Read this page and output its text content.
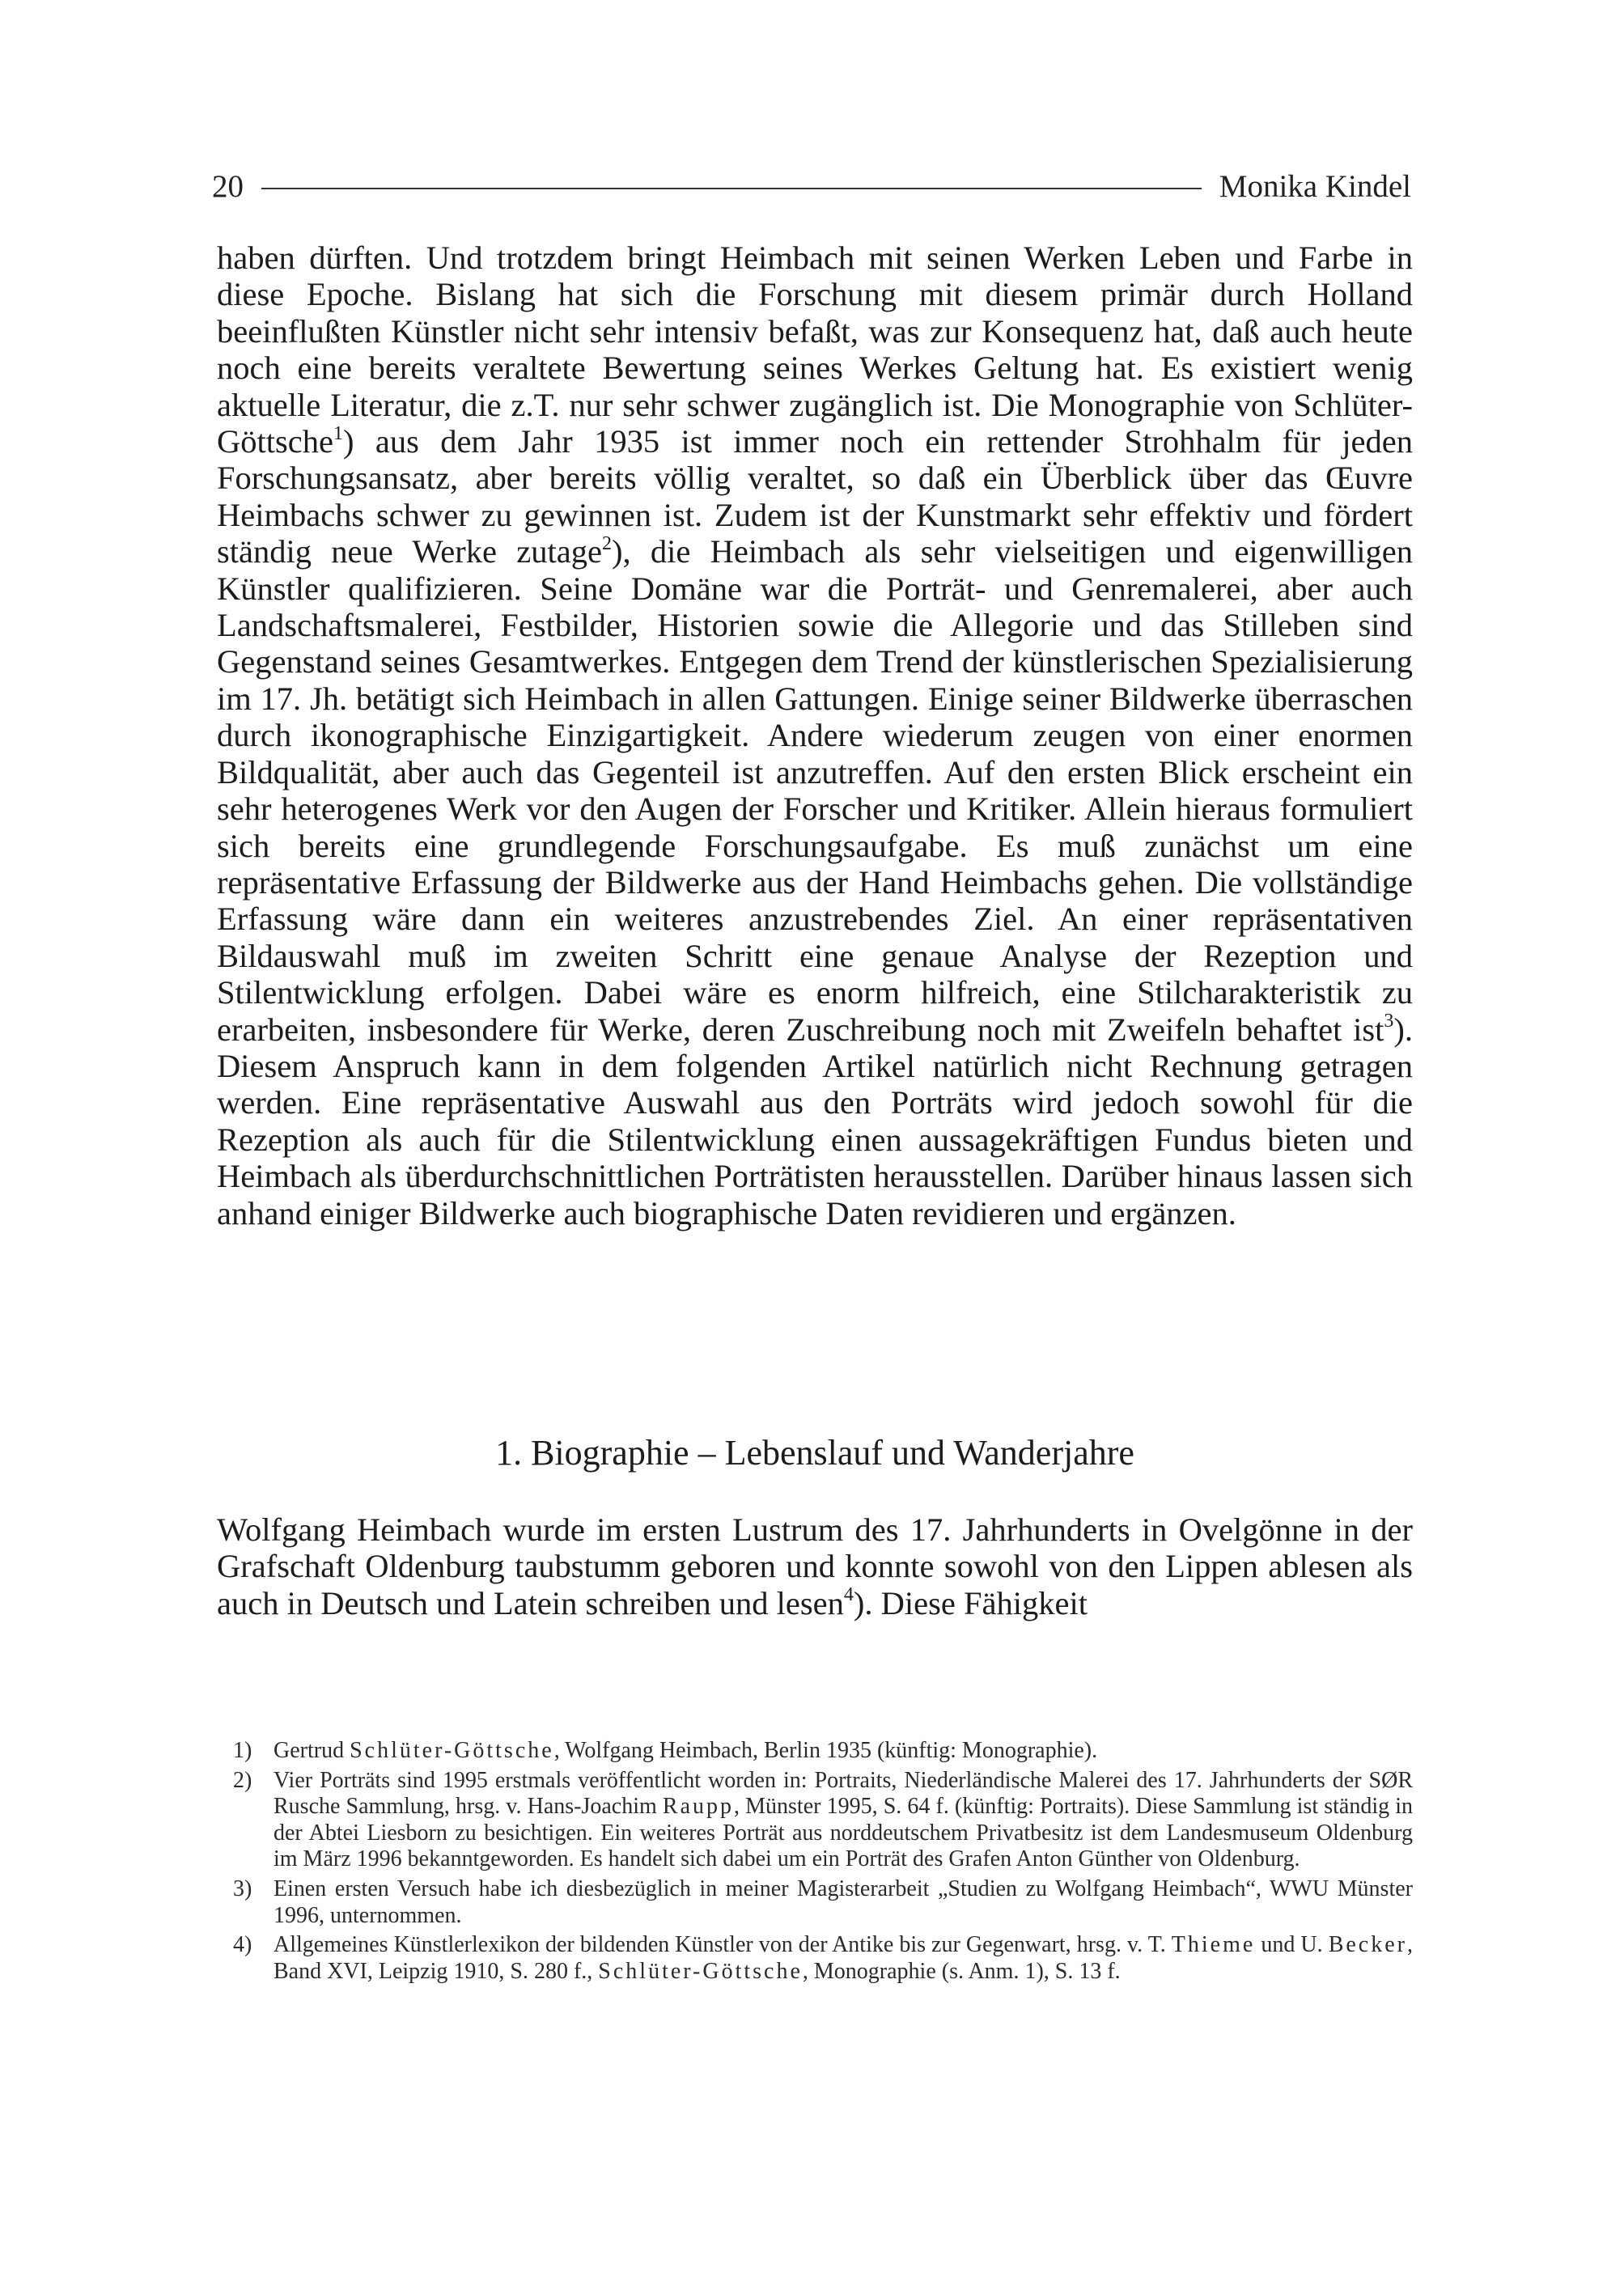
20	Monika Kindel

haben dürften. Und trotzdem bringt Heimbach mit seinen Werken Leben und Farbe in diese Epoche. Bislang hat sich die Forschung mit diesem primär durch Holland beeinflußten Künstler nicht sehr intensiv befaßt, was zur Konsequenz hat, daß auch heute noch eine bereits veraltete Bewertung seines Werkes Geltung hat. Es existiert wenig aktuelle Literatur, die z.T. nur sehr schwer zugänglich ist. Die Monographie von Schlüter-Göttsche$^1$) aus dem Jahr 1935 ist immer noch ein rettender Strohhalm für jeden Forschungsansatz, aber bereits völlig veraltet, so daß ein Überblick über das Œuvre Heimbachs schwer zu gewinnen ist. Zudem ist der Kunstmarkt sehr effektiv und fördert ständig neue Werke zutage$^2$), die Heimbach als sehr vielseitigen und eigenwilligen Künstler qualifizieren. Seine Domäne war die Porträt- und Genremalerei, aber auch Landschaftsmalerei, Festbilder, Historien sowie die Allegorie und das Stilleben sind Gegenstand seines Gesamtwerkes. Entgegen dem Trend der künstlerischen Spezialisierung im 17. Jh. betätigt sich Heimbach in allen Gattungen. Einige seiner Bildwerke überraschen durch ikonographische Einzigartigkeit. Andere wiederum zeugen von einer enormen Bildqualität, aber auch das Gegenteil ist anzutreffen. Auf den ersten Blick erscheint ein sehr heterogenes Werk vor den Augen der Forscher und Kritiker. Allein hieraus formuliert sich bereits eine grundlegende Forschungsaufgabe. Es muß zunächst um eine repräsentative Erfassung der Bildwerke aus der Hand Heimbachs gehen. Die vollständige Erfassung wäre dann ein weiteres anzustrebendes Ziel. An einer repräsentativen Bildauswahl muß im zweiten Schritt eine genaue Analyse der Rezeption und Stilentwicklung erfolgen. Dabei wäre es enorm hilfreich, eine Stilcharakteristik zu erarbeiten, insbesondere für Werke, deren Zuschreibung noch mit Zweifeln behaftet ist$^3$). Diesem Anspruch kann in dem folgenden Artikel natürlich nicht Rechnung getragen werden. Eine repräsentative Auswahl aus den Porträts wird jedoch sowohl für die Rezeption als auch für die Stilentwicklung einen aussagekräftigen Fundus bieten und Heimbach als überdurchschnittlichen Porträtisten herausstellen. Darüber hinaus lassen sich anhand einiger Bildwerke auch biographische Daten revidieren und ergänzen.

1. Biographie – Lebenslauf und Wanderjahre

Wolfgang Heimbach wurde im ersten Lustrum des 17. Jahrhunderts in Ovelgönne in der Grafschaft Oldenburg taubstumm geboren und konnte sowohl von den Lippen ablesen als auch in Deutsch und Latein schreiben und lesen$^4$). Diese Fähigkeit

1) Gertrud Schlüter-Göttsche, Wolfgang Heimbach, Berlin 1935 (künftig: Monographie).
2) Vier Porträts sind 1995 erstmals veröffentlicht worden in: Portraits, Niederländische Malerei des 17. Jahrhunderts der SØR Rusche Sammlung, hrsg. v. Hans-Joachim Raupp, Münster 1995, S. 64 f. (künftig: Portraits). Diese Sammlung ist ständig in der Abtei Liesborn zu besichtigen. Ein weiteres Porträt aus norddeutschem Privatbesitz ist dem Landesmuseum Oldenburg im März 1996 bekanntgeworden. Es handelt sich dabei um ein Porträt des Grafen Anton Günther von Oldenburg.
3) Einen ersten Versuch habe ich diesbezüglich in meiner Magisterarbeit „Studien zu Wolfgang Heimbach“, WWU Münster 1996, unternommen.
4) Allgemeines Künstlerlexikon der bildenden Künstler von der Antike bis zur Gegenwart, hrsg. v. T. Thieme und U. Becker, Band XVI, Leipzig 1910, S. 280 f., Schlüter-Göttsche, Monographie (s. Anm. 1), S. 13 f.
